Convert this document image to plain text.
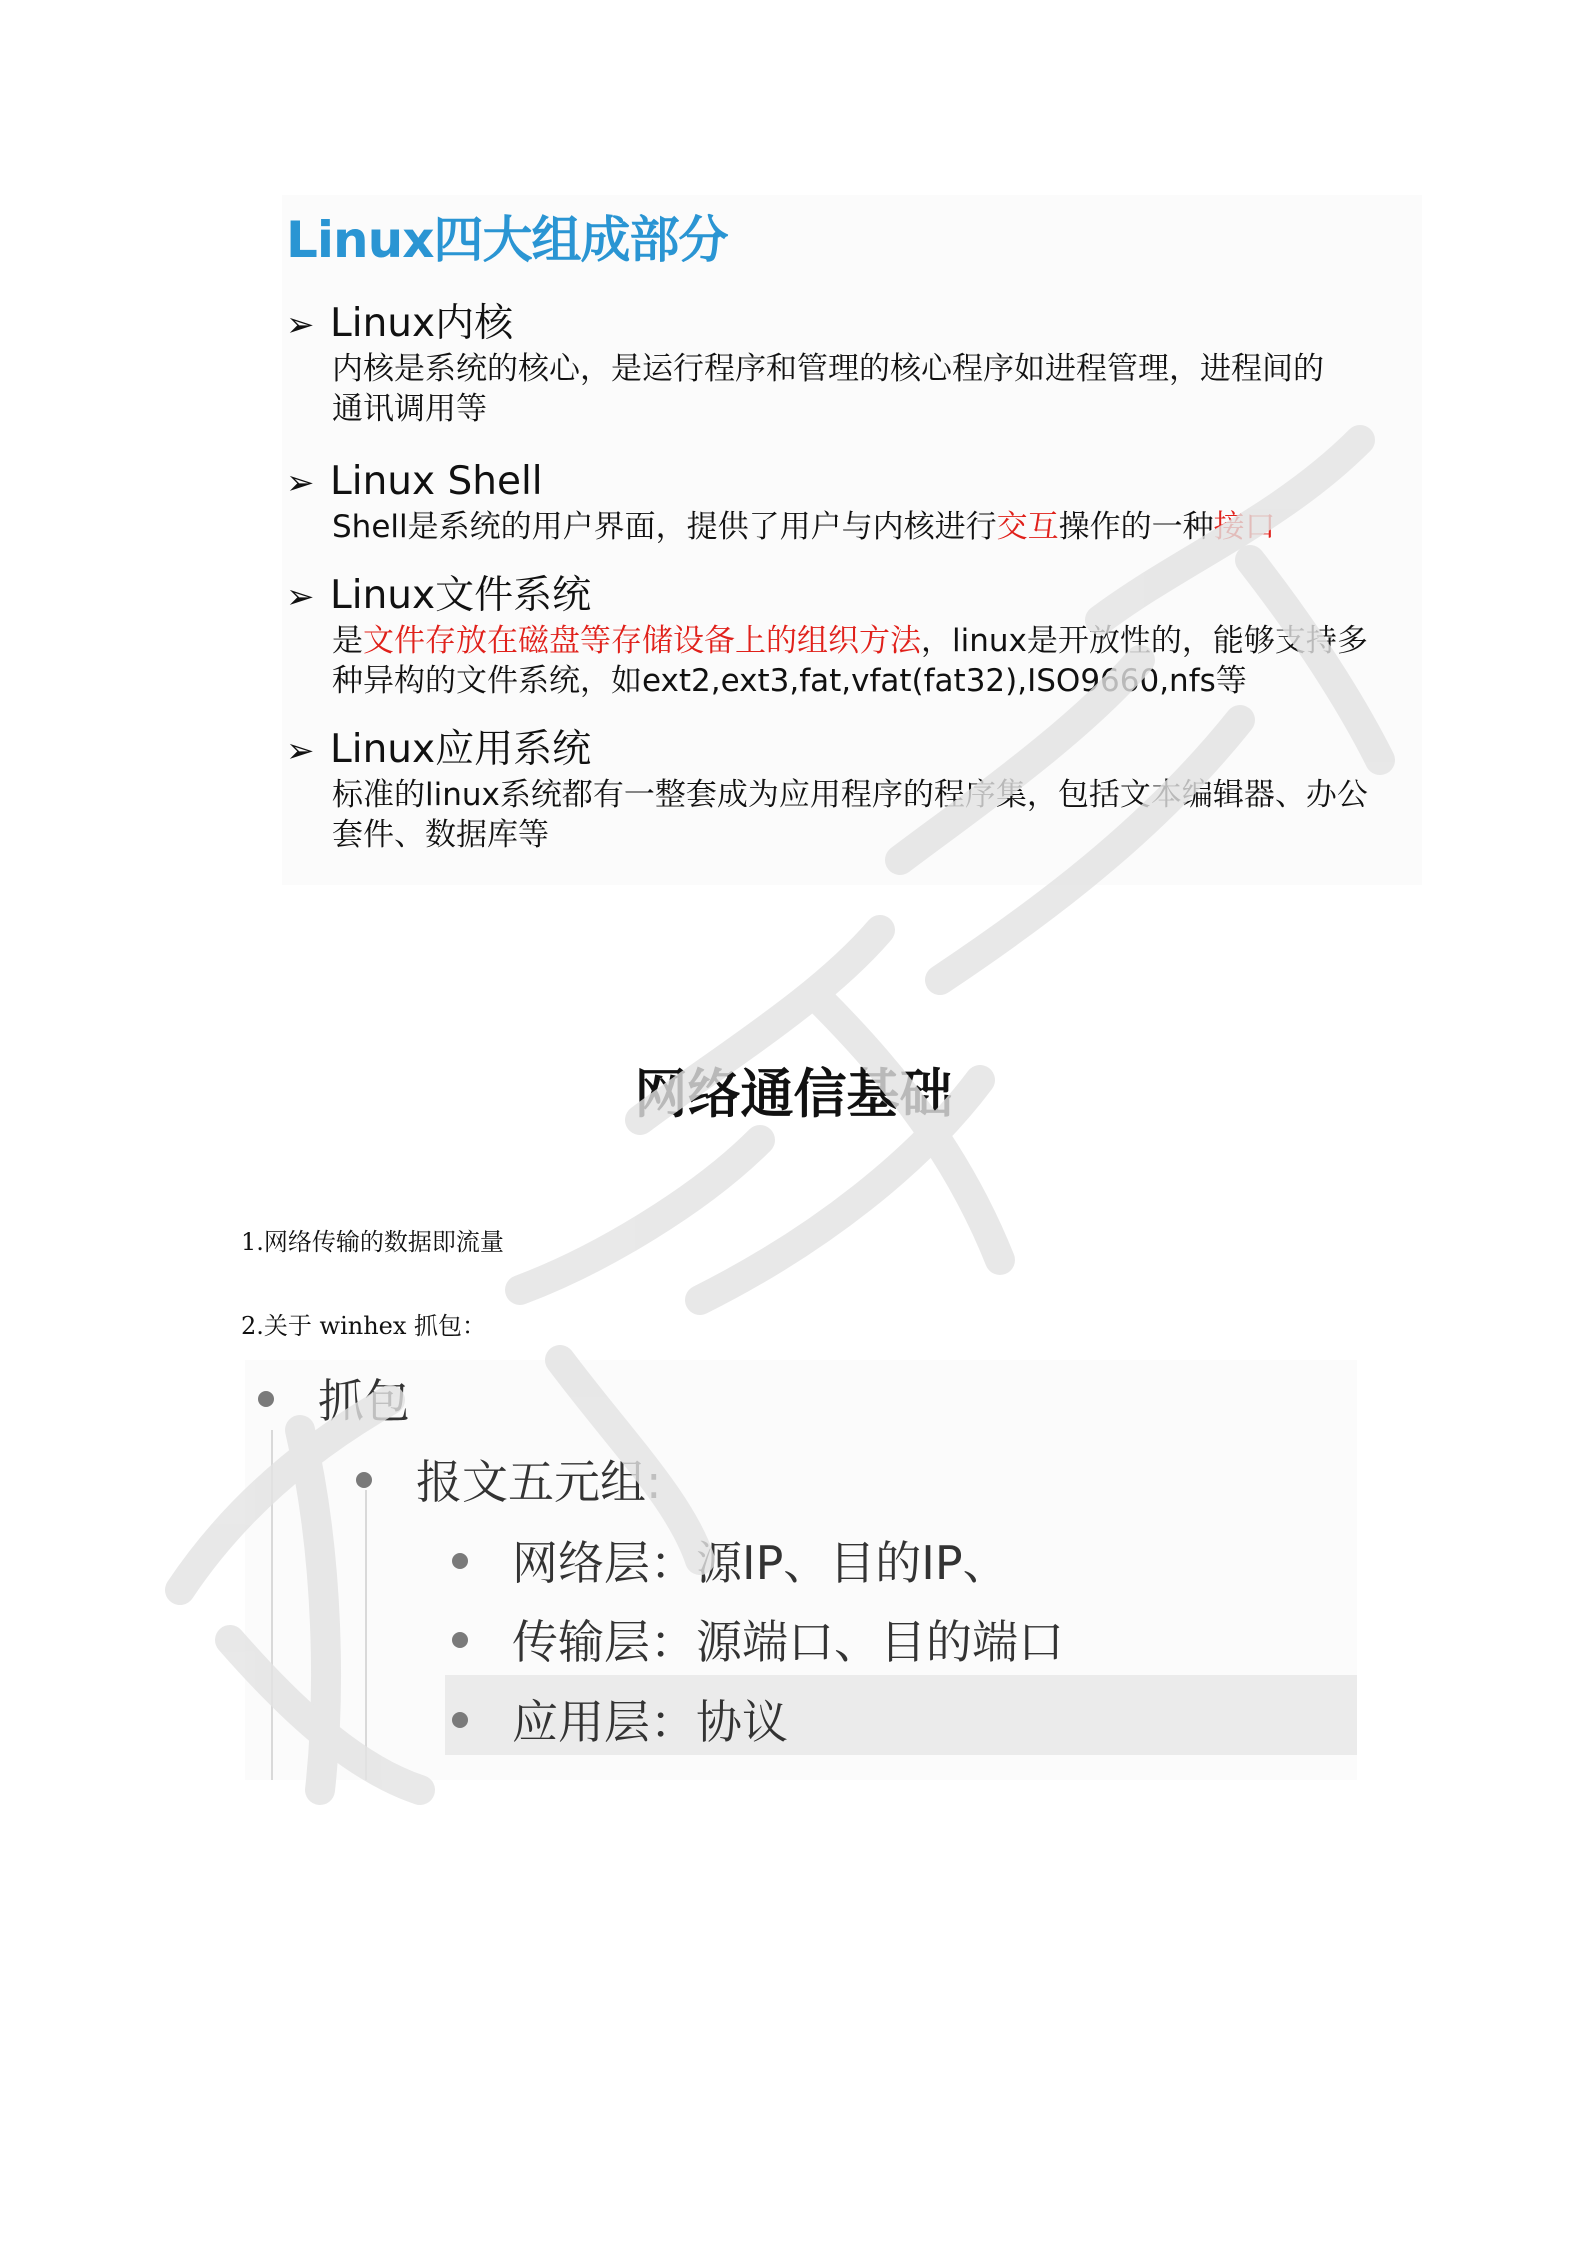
Linux四大组成部分
➢ Linux内核
内核是系统的核心，是运行程序和管理的核心程序如进程管理，进程间的通讯调用等
➢ Linux Shell
Shell是系统的用户界面，提供了用户与内核进行交互操作的一种接口
➢ Linux文件系统
是文件存放在磁盘等存储设备上的组织方法，linux是开放性的，能够支持多种异构的文件系统，如ext2,ext3,fat,vfat(fat32),ISO9660,nfs等
➢ Linux应用系统
标准的linux系统都有一整套成为应用程序的程序集，包括文本编辑器、办公套件、数据库等
网络通信基础
1.网络传输的数据即流量
2.关于 winhex 抓包：
抓包
报文五元组:
网络层：源IP、目的IP、
传输层：源端口、目的端口
应用层：协议
